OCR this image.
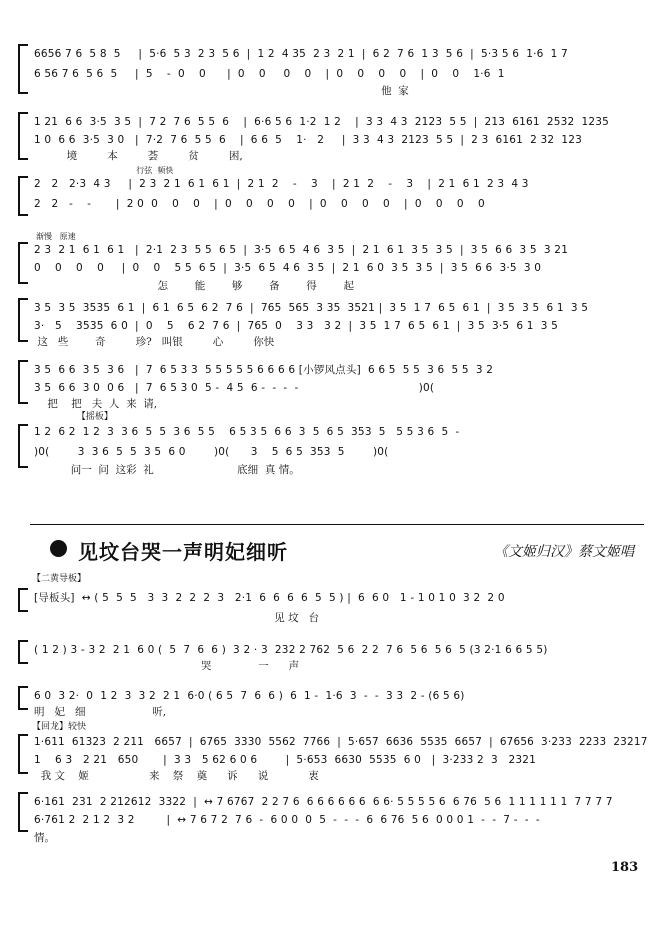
6656 7 6  5 8  5     |  5·6  5 3  2 3  5 6  |  1 2  4 35  2 3  2 1  |  6 2  7 6  1 3  5 6  |  5·3 5 6  1·6  1 7
6 56 7 6  5 6  5     |  5    -  0    0      |  0    0     0    0    |  0    0    0    0    |  0    0    1·6  1
他  家
1 21  6 6  3·5  3 5  |  7 2  7 6  5 5  6    |  6·6 5 6  1·2  1 2    |  3 3  4 3  2123  5 5  |  213  6161  2532  1235
1 0  6 6  3·5  3 0   |  7·2  7 6  5 5  6    |  6 6  5    1·   2     |  3 3  4 3  2123  5 5  |  2 3  6161  2 32  123
境         本         荟         贫         困,
行弦  频快
2   2   2·3  4 3     |  2 3  2 1  6 1  6 1  |  2 1  2    -    3    |  2 1  2    -    3    |  2 1  6 1  2 3  4 3
2   2   -    -       |  2 0  0    0    0    |  0    0    0    0    |  0    0    0    0    |  0    0    0    0
渐慢   原速
2 3  2 1  6 1  6 1   |  2·1  2 3  5 5  6 5  |  3·5  6 5  4 6  3 5  |  2 1  6 1  3 5  3 5  |  3 5  6 6  3 5  3 21
0    0    0    0     |  0    0    5 5  6 5  |  3·5  6 5  4 6  3 5  |  2 1  6 0  3 5  3 5  |  3 5  6 6  3·5  3 0
怎        能        够        备        得        起
3 5  3 5  3535  6 1  |  6 1  6 5  6 2  7 6  |  765  565  3 35  3521 |  3 5  1 7  6 5  6 1  |  3 5  3 5  6 1  3 5
3·   5    3535  6 0  |  0    5    6 2  7 6  |  765  0    3 3   3 2  |  3 5  1 7  6 5  6 1  |  3 5  3·5  6 1  3 5
这   些        奇         珍?   叫银         心         你快
3 5  6 6  3 5  3 6   |  7  6 5 3 3  5 5 5 5 5 6 6 6 6 [小锣风点头]  6 6 5  5 5  3 6  5 5  3 2
3 5  6 6  3 0  0 6   |  7  6 5 3 0  5 -  4 5  6 -  -  -  -                                  )0(
把    把   夫  人  来  请,
【摇板】
1 2  6 2  1 2  3  3 6  5  5  3 6  5 5    6 5 3 5  6 6  3  5  6 5  353  5   5 5 3 6  5  -
)0(        3  3 6  5  5  3 5  6 0        )0(      3    5  6 5  353  5        )0(
问一  问  这彩  礼                         底细  真 情。
见坟台哭一声明妃细听	《文姬归汉》蔡文姬唱
【二黄导板】
[导板头]  ↔ ( 5  5  5   3  3  2  2  2  3   2·1  6  6  6  6  5  5 ) |  6  6 0   1 - 1 0 1 0  3 2  2 0
见 坟   台
( 1 2 ) 3 - 3 2  2 1  6 0 (  5  7  6  6 )  3 2 · 3  232 2 762  5 6  2 2  7 6  5 6  5 6  5 (3 2·1 6 6 5 5)
哭              一      声
6 0  3 2·  0  1 2  3  3 2  2 1  6·0 ( 6 5  7  6  6 )  6  1 -  1·6  3  -  -  3 3  2 - (6 5 6)
明   妃   细                    听,
【回龙】较快
1·611  61323  2 211   6657  |  6765  3330  5562  7766  |  5·657  6636  5535  6657  |  67656  3·233  2233  23217
1    6 3   2 21   650       |  3 3   5 62 6 0 6        |  5·653  6630  5535  6 0   |  3·233 2  3   2321
我 文    姬                  来    祭    奠      诉      说            衷
6·161  231  2 212612  3322  |  ↔ 7 6767  2 2 7 6  6 6 6 6 6 6  6 6· 5 5 5 5 6  6 76  5 6  1 1 1 1 1 1  7 7 7 7
6·761 2  2 1 2  3 2         |  ↔ 7 6 7 2  7 6  -  6 0 0  0  5  -  -  -  6  6 76  5 6  0 0 0 1  -  -  7 -  -  -
情。
183
